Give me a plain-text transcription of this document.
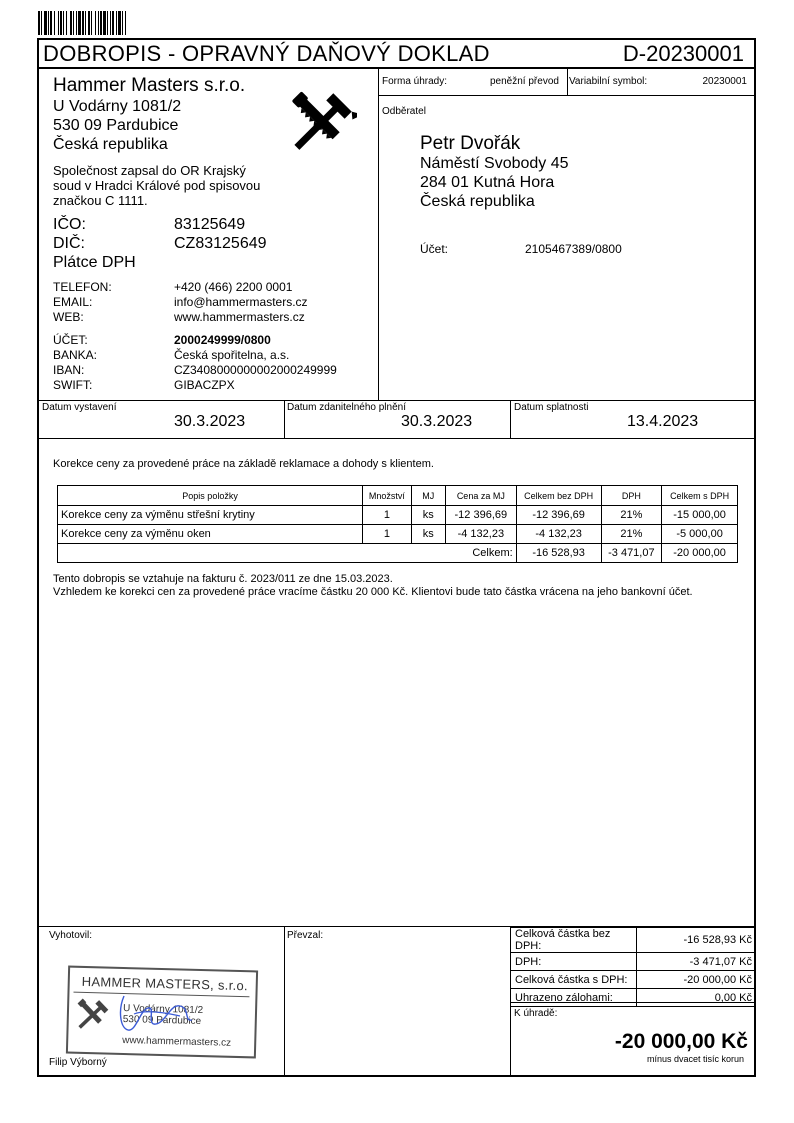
DOBROPIS - OPRAVNÝ DAŇOVÝ DOKLAD	D-20230001
Forma úhrady:	peněžní převod Variabilní symbol:	20230001
Hammer Masters s.r.o.
U Vodárny 1081/2
530 09 Pardubice
Česká republika
Společnost zapsal do OR Krajský
soud v Hradci Králové pod spisovou
značkou C 1111.
IČO:	83125649
DIČ:	CZ83125649
Plátce DPH
TELEFON:	+420 (466) 2200 0001
EMAIL:	info@hammermasters.cz
WEB:	www.hammermasters.cz
ÚČET:	2000249999/0800
BANKA:	Česká spořitelna, a.s.
IBAN:	CZ3408000000002000249999
SWIFT:	GIBACZPX
Odběratel
Petr Dvořák
Náměstí Svobody 45
284 01 Kutná Hora
Česká republika
Účet:	2105467389/0800
Datum vystavení
30.3.2023
Datum zdanitelného plnění
30.3.2023
Datum splatnosti
13.4.2023
Korekce ceny za provedené práce na základě reklamace a dohody s klientem.
Popis položky	Množství	MJ	Cena za MJ	Celkem bez DPH	DPH	Celkem s DPH
Korekce ceny za výměnu střešní krytiny	1	ks	-12 396,69	-12 396,69	21%	-15 000,00
Korekce ceny za výměnu oken	1	ks	-4 132,23	-4 132,23	21%	-5 000,00
Celkem:				-16 528,93	-3 471,07	-20 000,00
Tento dobropis se vztahuje na fakturu č. 2023/011 ze dne 15.03.2023.
Vzhledem ke korekci cen za provedené práce vracíme částku 20 000 Kč. Klientovi bude tato částka vrácena na jeho bankovní účet.
Vyhotovil:
Filip Výborný
Převzal:
HAMMER MASTERS, s.r.o.
U Vodárny 1081/2
530 09 Pardubice
www.hammermasters.cz
Celková částka bez DPH:	-16 528,93 Kč
DPH:	-3 471,07 Kč
Celková částka s DPH:	-20 000,00 Kč
Uhrazeno zálohami:	0,00 Kč
K úhradě:
-20 000,00 Kč
mínus dvacet tisíc korun
